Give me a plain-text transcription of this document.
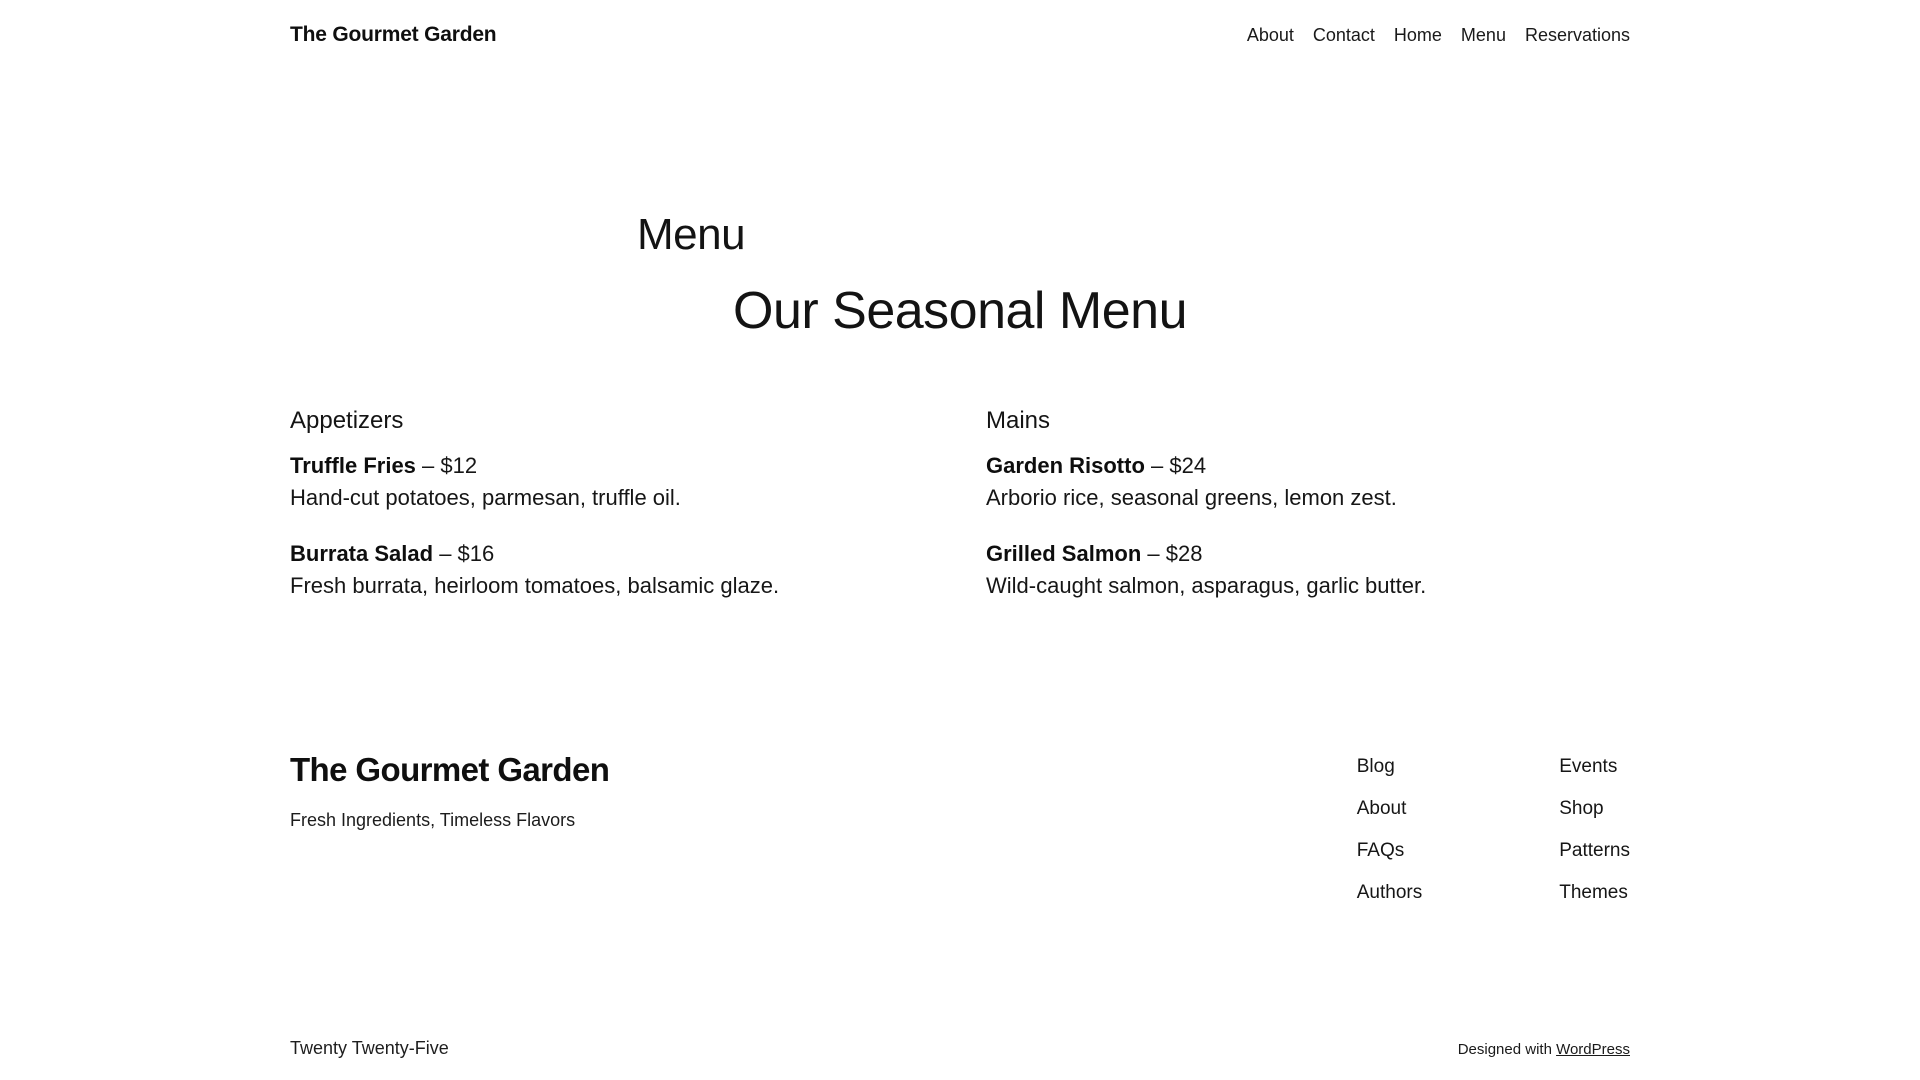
The Gourmet Garden	About Contact Home Menu Reservations
Menu
Our Seasonal Menu
Appetizers

Truffle Fries – $12
Hand-cut potatoes, parmesan, truffle oil.

Burrata Salad – $16
Fresh burrata, heirloom tomatoes, balsamic glaze.

Mains

Garden Risotto – $24
Arborio rice, seasonal greens, lemon zest.

Grilled Salmon – $28
Wild-caught salmon, asparagus, garlic butter.

The Gourmet Garden
Fresh Ingredients, Timeless Flavors
Blog
About
FAQs
Authors
Events
Shop
Patterns
Themes
Twenty Twenty-Five	Designed with WordPress
